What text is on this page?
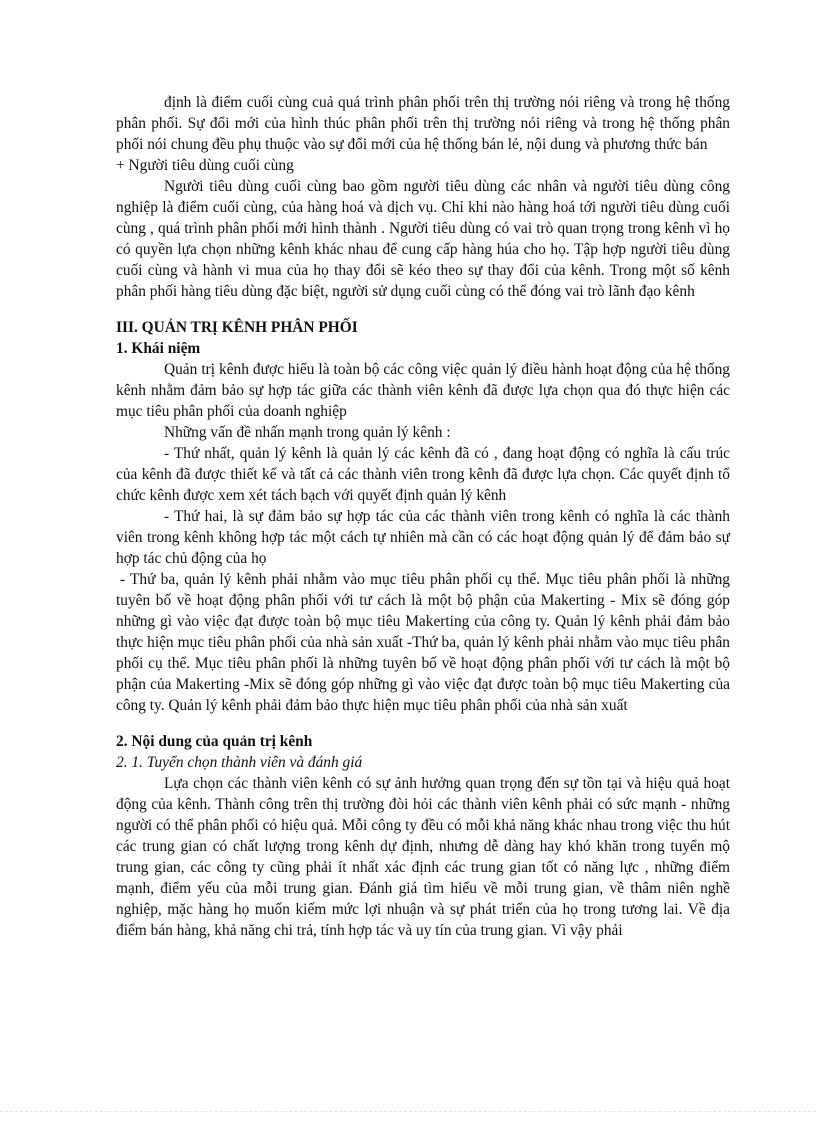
định là điểm cuối cùng cuả quá trình phân phối trên thị trường nói riêng và trong hệ thống phân phối. Sự đổi mới của hình thúc phân phối trên thị trường nói riêng và trong hệ thống phân phối nói chung đều phụ thuộc vào sự đổi mới của hệ thống bán lẻ, nội dung và phương thức bán

+ Người tiêu dùng cuối cùng

Người tiêu dùng cuối cùng bao gồm người tiêu dùng các nhân và người tiêu dùng công nghiệp là điểm cuối cùng, của hàng hoá và dịch vụ. Chỉ khi nào hàng hoá tới người tiêu dùng cuối cùng , quá trình phân phối mới hình thành . Người tiêu dùng có vai trò quan trọng trong kênh vì họ có quyền lựa chọn những kênh khác nhau để cung cấp hàng húa cho họ. Tập hợp người tiêu dùng cuối cùng và hành vi mua của họ thay đổi sẽ kéo theo sự thay đổi của kênh. Trong một số kênh phân phối hàng tiêu dùng đặc biệt, người sử dụng cuối cùng có thể đóng vai trò lãnh đạo kênh

III. QUẢN TRỊ KÊNH PHÂN PHỐI

1. Khái niệm

Quản trị kênh được hiểu là toàn bộ các công việc quản lý điều hành hoạt động của hệ thống kênh nhằm đảm bảo sự hợp tác giữa các thành viên kênh đã được lựa chọn qua đó thực hiện các mục tiêu phân phối của doanh nghiệp

Những vấn đề nhấn mạnh trong quản lý kênh :

- Thứ nhất, quản lý kênh là quản lý các kênh đã có , đang hoạt động có nghĩa là cấu trúc của kênh đã được thiết kế và tất cả các thành viên trong kênh đã được lựa chọn. Các quyết định tổ chức kênh được xem xét tách bạch với quyết định quản lý kênh

- Thứ hai, là sự đảm bảo sự hợp tác của các thành viên trong kênh có nghĩa là các thành viên trong kênh không hợp tác một cách tự nhiên mà cần có các hoạt động quản lý để đảm bảo sự hợp tác chủ động của họ

- Thứ ba, quản lý kênh phải nhằm vào mục tiêu phân phối cụ thể. Mục tiêu phân phối là những tuyên bố về hoạt động phân phối với tư cách là một bộ phận của Makerting - Mix sẽ đóng góp những gì vào việc đạt được toàn bộ mục tiêu Makerting của công ty. Quản lý kênh phải đảm bảo thực hiện mục tiêu phân phối của nhà sản xuất -Thứ ba, quản lý kênh phải nhằm vào mục tiêu phân phối cụ thể. Mục tiêu phân phối là những tuyên bố về hoạt động phân phối với tư cách là một bộ phận của Makerting -Mix sẽ đóng góp những gì vào việc đạt được toàn bộ mục tiêu Makerting của công ty. Quản lý kênh phải đảm bảo thực hiện mục tiêu phân phối của nhà sản xuất

2. Nội dung của quản trị kênh

2. 1. Tuyển chọn thành viên và đánh giá

Lựa chọn các thành viên kênh có sự ảnh hưởng quan trọng đến sự tồn tại và hiệu quả hoạt động của kênh. Thành công trên thị trường đòi hỏi các thành viên kênh phải có sức mạnh - những người có thể phân phối có hiệu quả. Mỗi công ty đều có mỗi khả năng khác nhau trong việc thu hút các trung gian có chất lượng trong kênh dự định, nhưng dễ dàng hay khó khăn trong tuyển mộ trung gian, các công ty cũng phải ít nhất xác định các trung gian tốt có năng lực , những điểm mạnh, điểm yếu của mỗi trung gian. Đánh giá tìm hiểu về mỗi trung gian, về thâm niên nghề nghiệp, mặc hàng họ muốn kiếm mức lợi nhuận và sự phát triển của họ trong tương lai. Về địa điểm bán hàng, khả năng chi trả, tính hợp tác và uy tín của trung gian. Vì vậy phải
